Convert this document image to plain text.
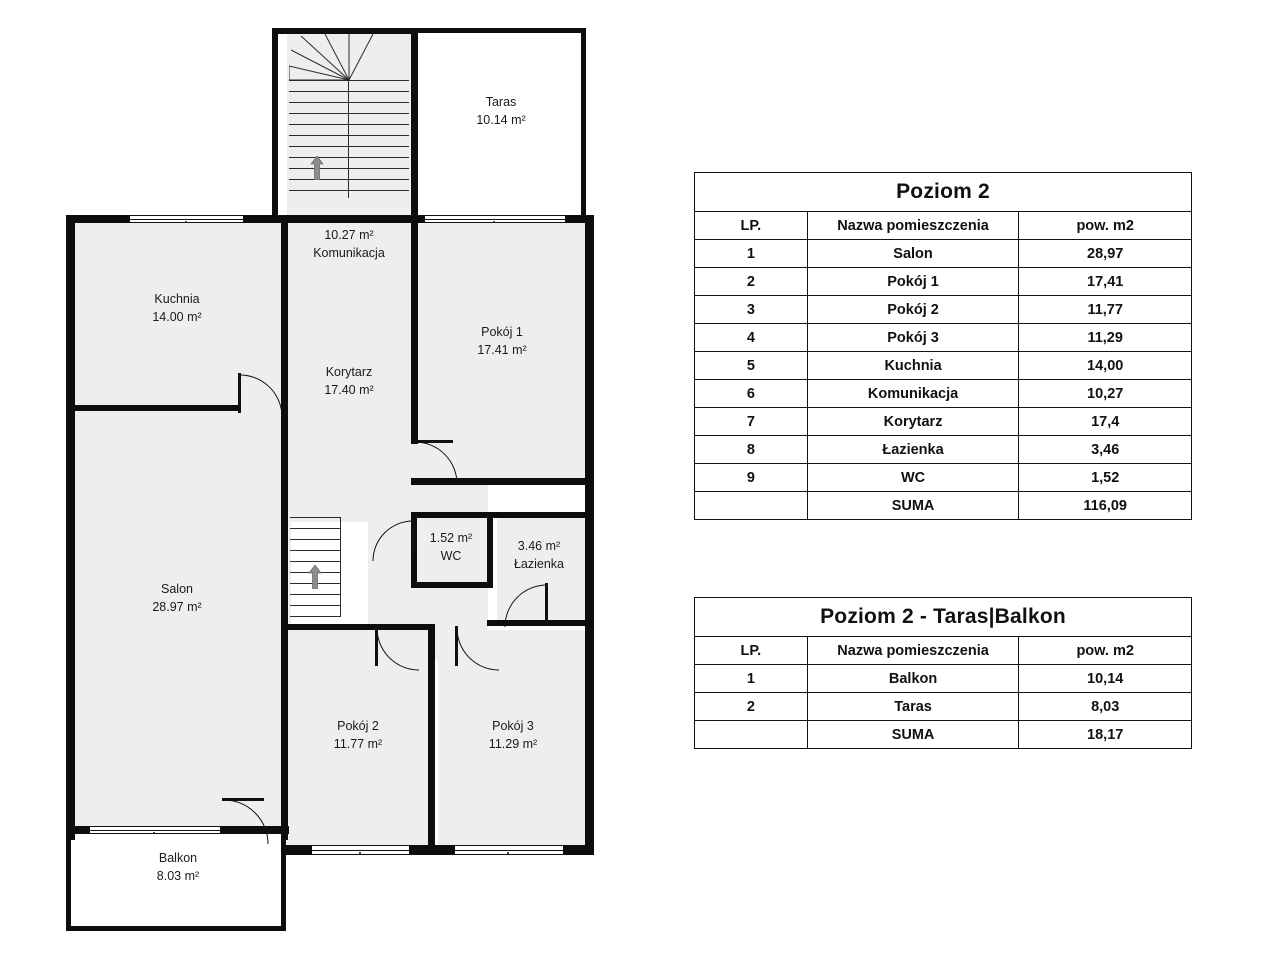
Taras
10.14 m²
10.27 m²
Komunikacja
Kuchnia
14.00 m²
Korytarz
17.40 m²
Pokój 1
17.41 m²
1.52 m²
WC
3.46 m²
Łazienka
Salon
28.97 m²
Pokój 2
11.77 m²
Pokój 3
11.29 m²
Balkon
8.03 m²
Poziom 2		
LP.	Nazwa pomieszczenia	pow. m2
1	Salon	28,97
2	Pokój 1	17,41
3	Pokój 2	11,77
4	Pokój 3	11,29
5	Kuchnia	14,00
6	Komunikacja	10,27
7	Korytarz	17,4
8	Łazienka	3,46
9	WC	1,52
	SUMA	116,09
Poziom 2 - Taras|Balkon		
LP.	Nazwa pomieszczenia	pow. m2
1	Balkon	10,14
2	Taras	8,03
	SUMA	18,17
